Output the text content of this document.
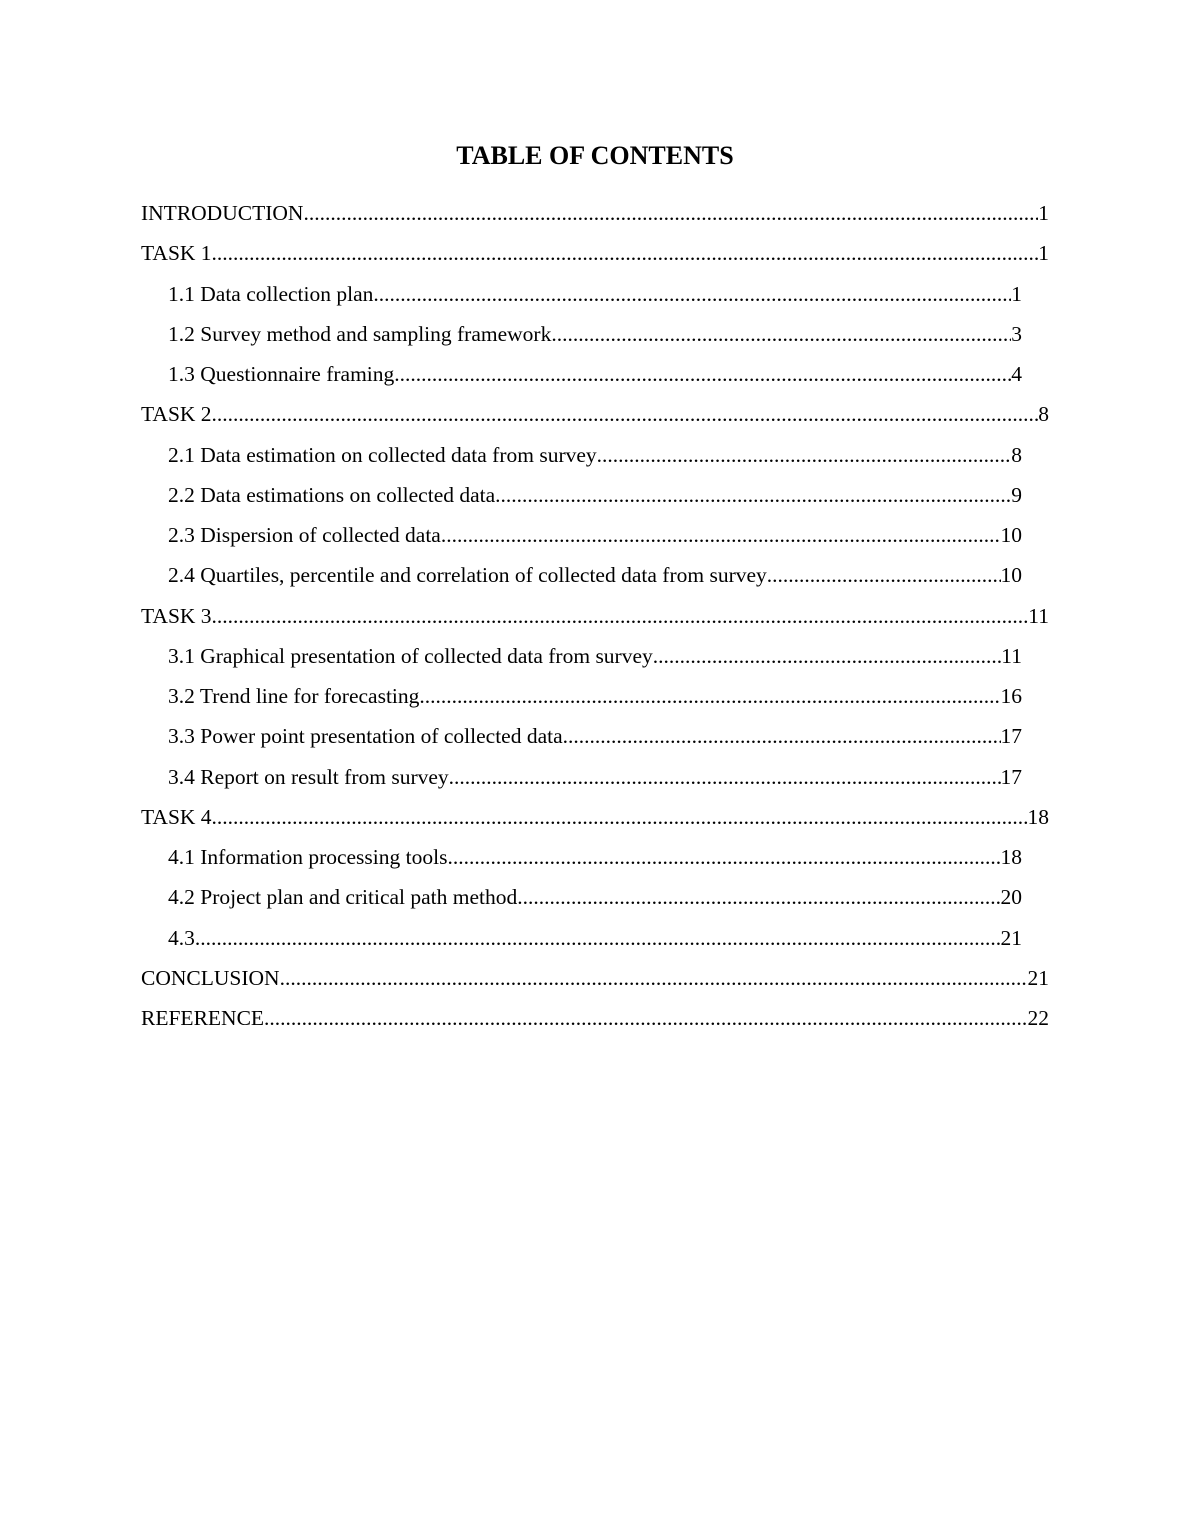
TABLE OF CONTENTS
INTRODUCTION .....	1
TASK 1 .....	1
1.1 Data collection plan .....	1
1.2 Survey method and sampling framework .....	3
1.3 Questionnaire framing .....	4
TASK 2 .....	8
2.1 Data estimation on collected data from survey .....	8
2.2 Data estimations on collected data .....	9
2.3 Dispersion of collected data .....	10
2.4 Quartiles, percentile and correlation of collected data from survey .....	10
TASK 3 .....	11
3.1 Graphical presentation of collected data from survey .....	11
3.2 Trend line for forecasting .....	16
3.3 Power point presentation of collected data .....	17
3.4 Report on result from survey .....	17
TASK 4 .....	18
4.1 Information processing tools .....	18
4.2 Project plan and critical path method .....	20
4.3 .....	21
CONCLUSION .....	21
REFERENCE .....	22
